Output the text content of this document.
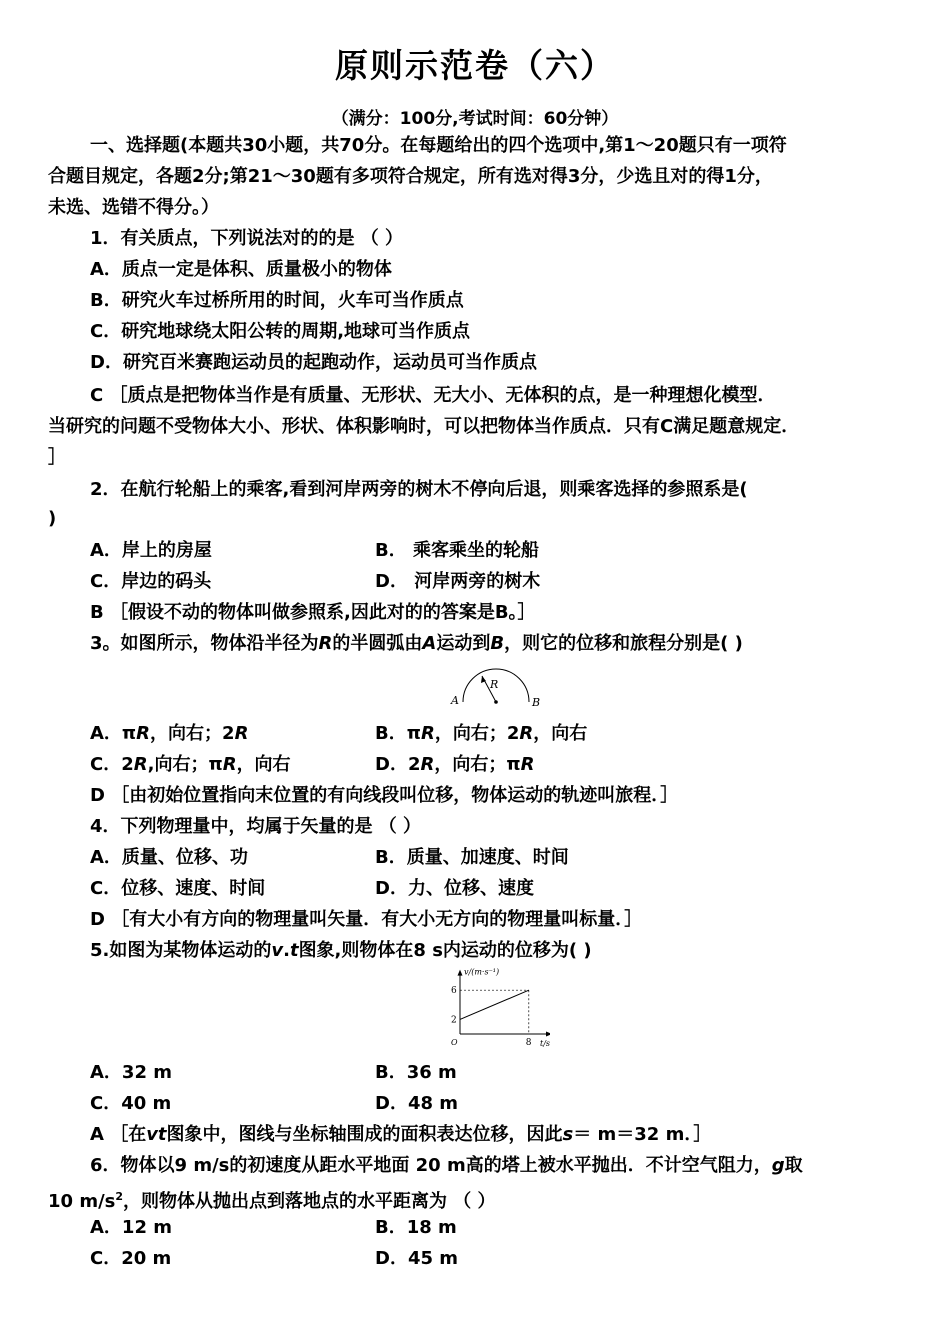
原则示范卷（六）
（满分：100分,考试时间：60分钟）
一、选择题(本题共30小题，共70分。在每题给出的四个选项中,第1～20题只有一项符
合题目规定，各题2分;第21～30题有多项符合规定，所有选对得3分，少选且对的得1分，
未选、选错不得分。）
1．有关质点，下列说法对的的是 （ ）
A．质点一定是体积、质量极小的物体
B．研究火车过桥所用的时间，火车可当作质点
C．研究地球绕太阳公转的周期,地球可当作质点
D．研究百米赛跑运动员的起跑动作，运动员可当作质点
C ［质点是把物体当作是有质量、无形状、无大小、无体积的点，是一种理想化模型．
当研究的问题不受物体大小、形状、体积影响时，可以把物体当作质点．只有C满足题意规定．
］
2．在航行轮船上的乘客,看到河岸两旁的树木不停向后退，则乘客选择的参照系是(
)
A．岸上的房屋	B． 乘客乘坐的轮船
C．岸边的码头	D． 河岸两旁的树木
B ［假设不动的物体叫做参照系,因此对的的答案是B。］
3。如图所示，物体沿半径为R的半圆弧由A运动到B，则它的位移和旅程分别是( )
A	B
R
A．πR，向右；2R	B．πR，向右；2R，向右
C．2R,向右；πR，向右	D．2R，向右；πR
D ［由初始位置指向末位置的有向线段叫位移，物体运动的轨迹叫旅程．］
4．下列物理量中，均属于矢量的是 （ ）
A．质量、位移、功	B．质量、加速度、时间
C．位移、速度、时间	D．力、位移、速度
D ［有大小有方向的物理量叫矢量．有大小无方向的物理量叫标量．］
5.如图为某物体运动的v.t图象,则物体在8 s内运动的位移为( )
v/(m·s⁻¹)
t/s
O
2
6
8
A．32 m	B．36 m
C．40 m	D．48 m
A ［在vt图象中，图线与坐标轴围成的面积表达位移，因此s＝ m＝32 m．］
6．物体以9 m/s的初速度从距水平地面 20 m高的塔上被水平抛出．不计空气阻力，g取
10 $m/s^2$，则物体从抛出点到落地点的水平距离为 （ ）
A．12 m	B．18 m
C．20 m	D．45 m
